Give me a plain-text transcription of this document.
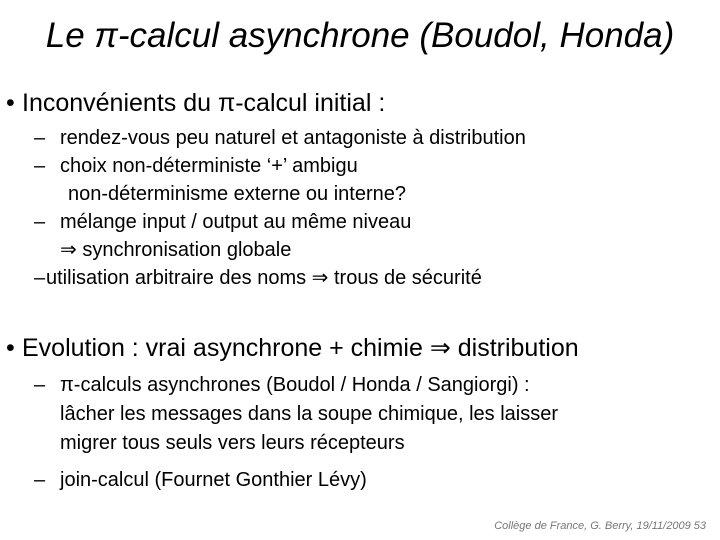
Le π-calcul asynchrone (Boudol, Honda)
• Inconvénients du π-calcul initial :
– rendez-vous peu naturel et antagoniste à distribution
– choix non-déterministe ‘+’ ambigu
non-déterminisme externe ou interne?
– mélange input / output au même niveau
⇒ synchronisation globale
–utilisation arbitraire des noms ⇒ trous de sécurité
• Evolution : vrai asynchrone + chimie ⇒ distribution
– π-calculs asynchrones (Boudol / Honda / Sangiorgi) :
lâcher les messages dans la soupe chimique, les laisser
migrer tous seuls vers leurs récepteurs
– join-calcul (Fournet Gonthier Lévy)
Collège de France, G. Berry, 19/11/2009 53
